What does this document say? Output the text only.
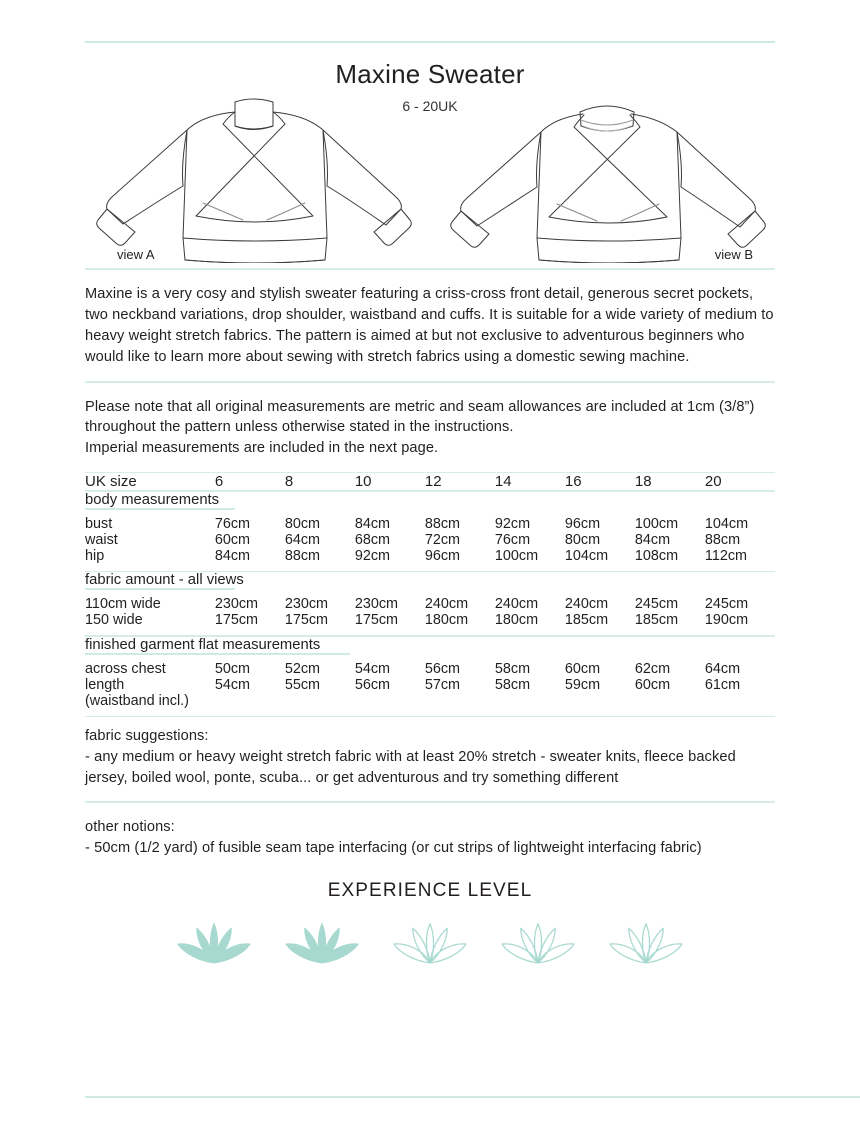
Maxine Sweater
6 - 20UK
view A	view B

Maxine is a very cosy and stylish sweater featuring a criss-cross front detail, generous secret pockets, two neckband variations, drop shoulder, waistband and cuffs. It is suitable for a wide variety of medium to heavy weight stretch fabrics. The pattern is aimed at but not exclusive to adventurous beginners who would like to learn more about sewing with stretch fabrics using a domestic sewing machine.

Please note that all original measurements are metric and seam allowances are included at 1cm (3/8”) throughout the pattern unless otherwise stated in the instructions.

Imperial measurements are included in the next page.

UK size	6	8	10	12	14	16	18	20

body measurements								

bust	76cm	80cm	84cm	88cm	92cm	96cm	100cm	104cm
waist	60cm	64cm	68cm	72cm	76cm	80cm	84cm	88cm
hip	84cm	88cm	92cm	96cm	100cm	104cm	108cm	112cm

fabric amount - all views								

110cm wide	230cm	230cm	230cm	240cm	240cm	240cm	245cm	245cm
150 wide	175cm	175cm	175cm	180cm	180cm	185cm	185cm	190cm

finished garment flat measurements								

across chest	50cm	52cm	54cm	56cm	58cm	60cm	62cm	64cm
length	54cm	55cm	56cm	57cm	58cm	59cm	60cm	61cm
(waistband incl.)								

fabric suggestions:

- any medium or heavy weight stretch fabric with at least 20% stretch - sweater knits, fleece backed jersey, boiled wool, ponte, scuba... or get adventurous and try something different

other notions:

- 50cm (1/2 yard) of fusible seam tape interfacing (or cut strips of lightweight interfacing fabric)

EXPERIENCE LEVEL
